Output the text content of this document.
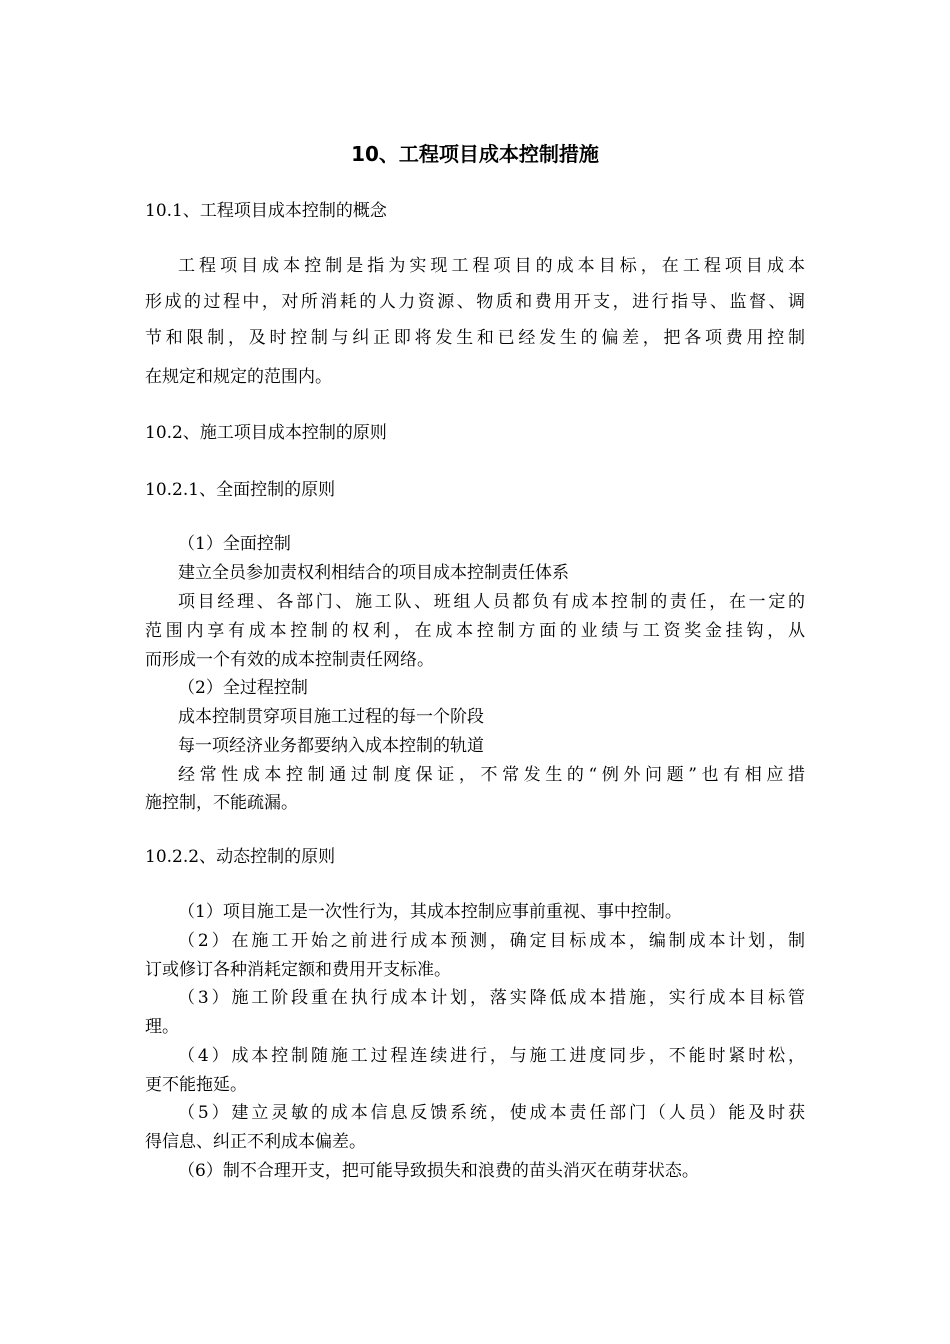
10、工程项目成本控制措施
10.1、工程项目成本控制的概念
工程项目成本控制是指为实现工程项目的成本目标，在工程项目成本
形成的过程中，对所消耗的人力资源、物质和费用开支，进行指导、监督、调
节和限制，及时控制与纠正即将发生和已经发生的偏差，把各项费用控制
在规定和规定的范围内。
10.2、施工项目成本控制的原则
10.2.1、全面控制的原则
（1）全面控制
建立全员参加责权利相结合的项目成本控制责任体系
项目经理、各部门、施工队、班组人员都负有成本控制的责任，在一定的
范围内享有成本控制的权利，在成本控制方面的业绩与工资奖金挂钩，从
而形成一个有效的成本控制责任网络。
（2）全过程控制
成本控制贯穿项目施工过程的每一个阶段
每一项经济业务都要纳入成本控制的轨道
经常性成本控制通过制度保证，不常发生的“例外问题”也有相应措
施控制，不能疏漏。
10.2.2、动态控制的原则
（1）项目施工是一次性行为，其成本控制应事前重视、事中控制。
（2）在施工开始之前进行成本预测，确定目标成本，编制成本计划，制
订或修订各种消耗定额和费用开支标准。
（3）施工阶段重在执行成本计划，落实降低成本措施，实行成本目标管
理。
（4）成本控制随施工过程连续进行，与施工进度同步，不能时紧时松，
更不能拖延。
（5）建立灵敏的成本信息反馈系统，使成本责任部门（人员）能及时获
得信息、纠正不利成本偏差。
（6）制不合理开支，把可能导致损失和浪费的苗头消灭在萌芽状态。
